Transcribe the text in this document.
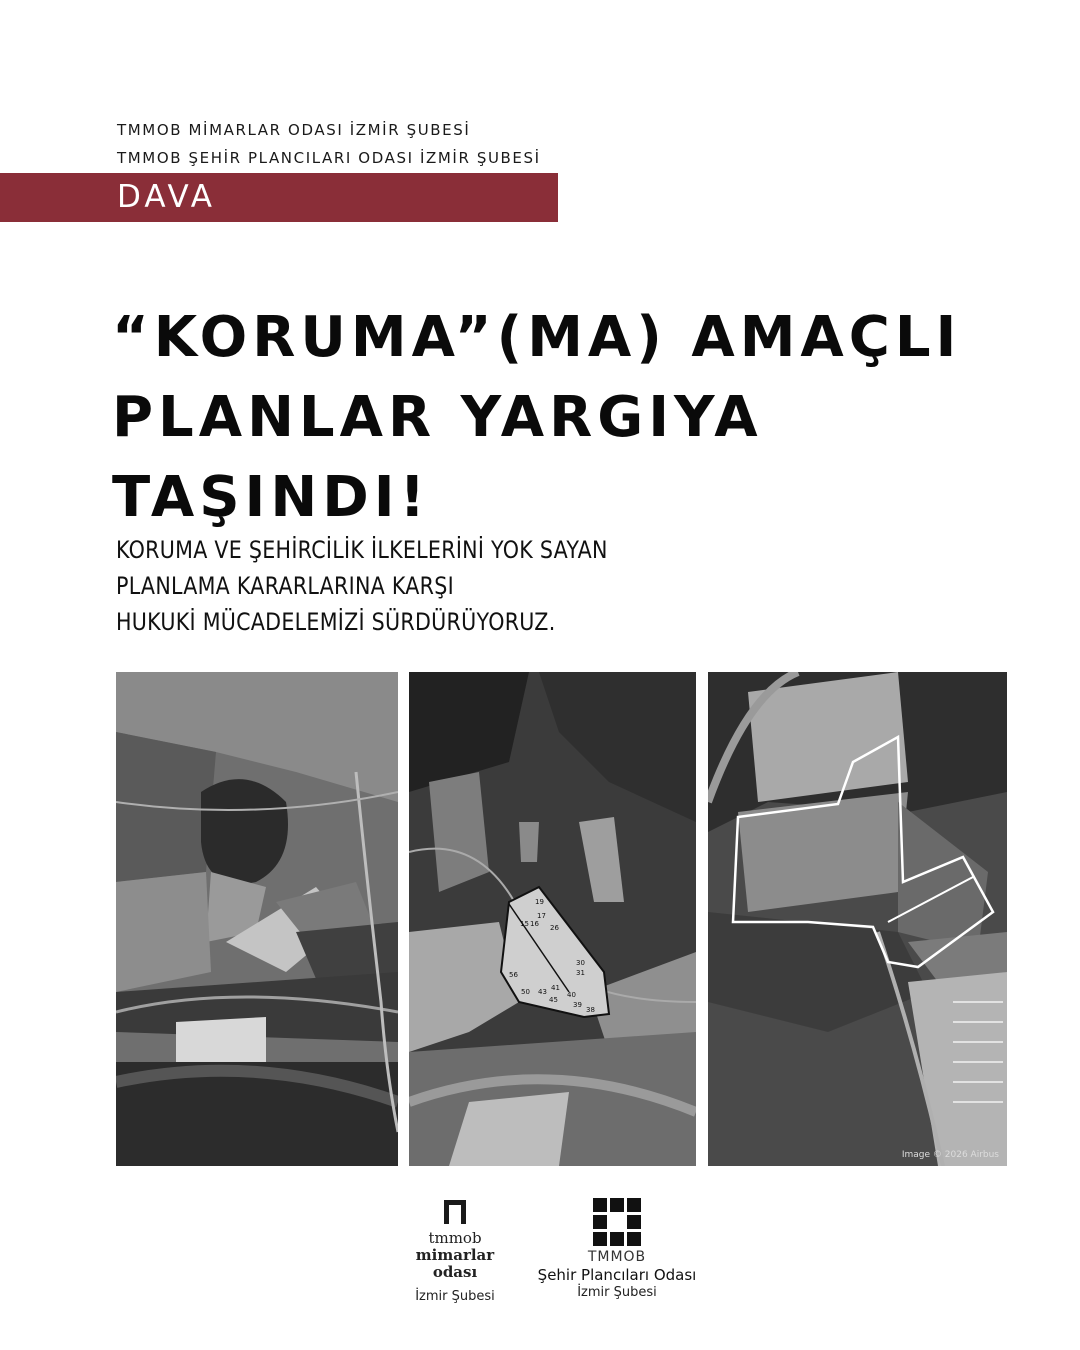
TMMOB MİMARLAR ODASI İZMİR ŞUBESİ
TMMOB ŞEHİR PLANCILARI ODASI İZMİR ŞUBESİ
DAVA
“KORUMA”(MA) AMAÇLI
PLANLAR YARGIYA TAŞINDI!
KORUMA VE ŞEHİRCİLİK İLKELERİNİ YOK SAYAN
PLANLAMA KARARLARINA KARŞI
HUKUKİ MÜCADELEMİZİ SÜRDÜRÜYORUZ.
19
17
15 16 26
30
31
56
50 43 41
40
45
39
38
Image © 2026 Airbus
tmmob
mimarlar
odası
İzmir Şubesi
TMMOB
Şehir Plancıları Odası
İzmir Şubesi
